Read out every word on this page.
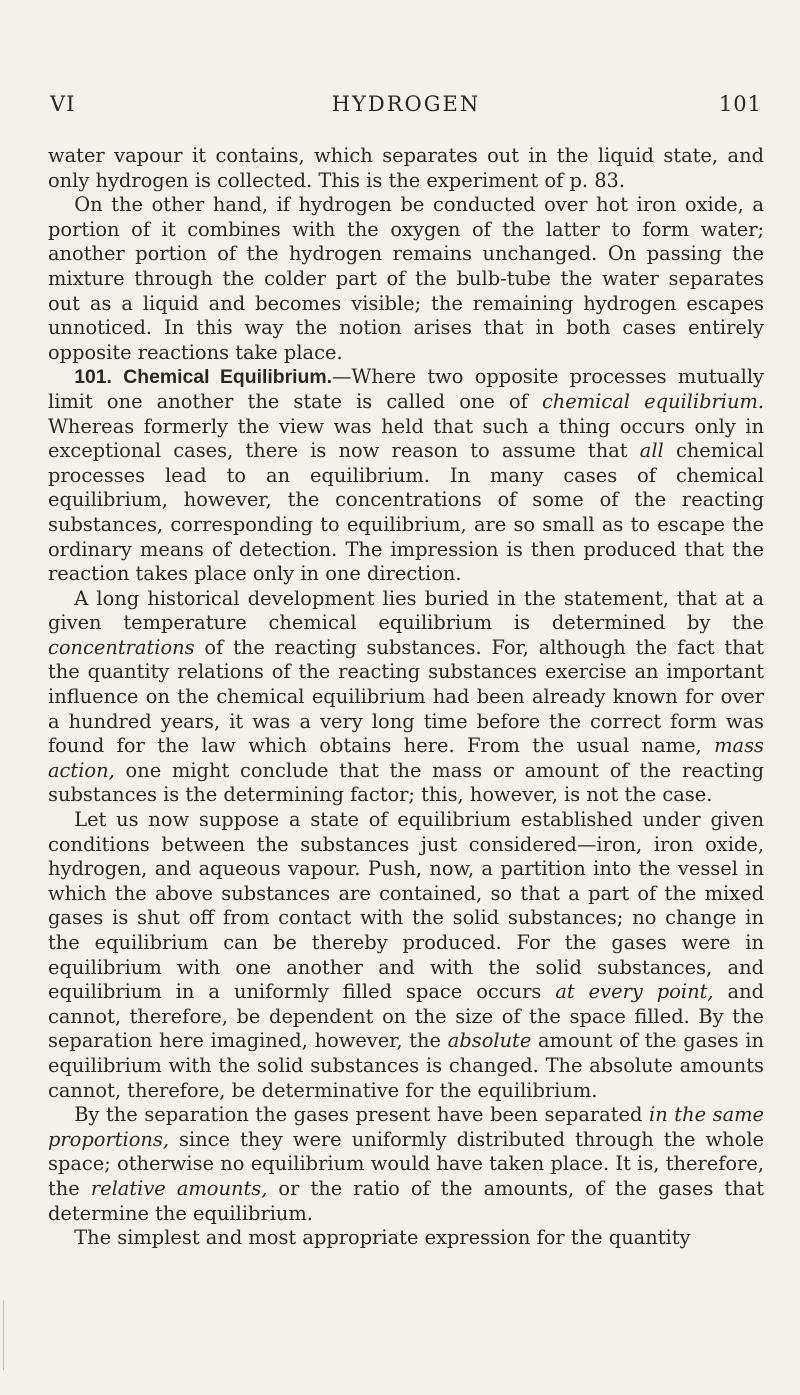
VI	HYDROGEN	101

water vapour it contains, which separates out in the liquid state, and only hydrogen is collected. This is the experiment of p. 83.

On the other hand, if hydrogen be conducted over hot iron oxide, a portion of it combines with the oxygen of the latter to form water; another portion of the hydrogen remains unchanged. On passing the mixture through the colder part of the bulb-tube the water separates out as a liquid and becomes visible; the remaining hydrogen escapes unnoticed. In this way the notion arises that in both cases entirely opposite reactions take place.

101. Chemical Equilibrium.—Where two opposite processes mutually limit one another the state is called one of chemical equilibrium. Whereas formerly the view was held that such a thing occurs only in exceptional cases, there is now reason to assume that all chemical processes lead to an equilibrium. In many cases of chemical equilibrium, however, the concentrations of some of the reacting substances, corresponding to equilibrium, are so small as to escape the ordinary means of detection. The impression is then produced that the reaction takes place only in one direction.

A long historical development lies buried in the statement, that at a given temperature chemical equilibrium is determined by the concentrations of the reacting substances. For, although the fact that the quantity relations of the reacting substances exercise an important influence on the chemical equilibrium had been already known for over a hundred years, it was a very long time before the correct form was found for the law which obtains here. From the usual name, mass action, one might conclude that the mass or amount of the reacting substances is the determining factor; this, however, is not the case.

Let us now suppose a state of equilibrium established under given conditions between the substances just considered—iron, iron oxide, hydrogen, and aqueous vapour. Push, now, a partition into the vessel in which the above substances are contained, so that a part of the mixed gases is shut off from contact with the solid substances; no change in the equilibrium can be thereby produced. For the gases were in equilibrium with one another and with the solid substances, and equilibrium in a uniformly filled space occurs at every point, and cannot, therefore, be dependent on the size of the space filled. By the separation here imagined, however, the absolute amount of the gases in equilibrium with the solid substances is changed. The absolute amounts cannot, therefore, be determinative for the equilibrium.

By the separation the gases present have been separated in the same proportions, since they were uniformly distributed through the whole space; otherwise no equilibrium would have taken place. It is, therefore, the relative amounts, or the ratio of the amounts, of the gases that determine the equilibrium.

The simplest and most appropriate expression for the quantity
